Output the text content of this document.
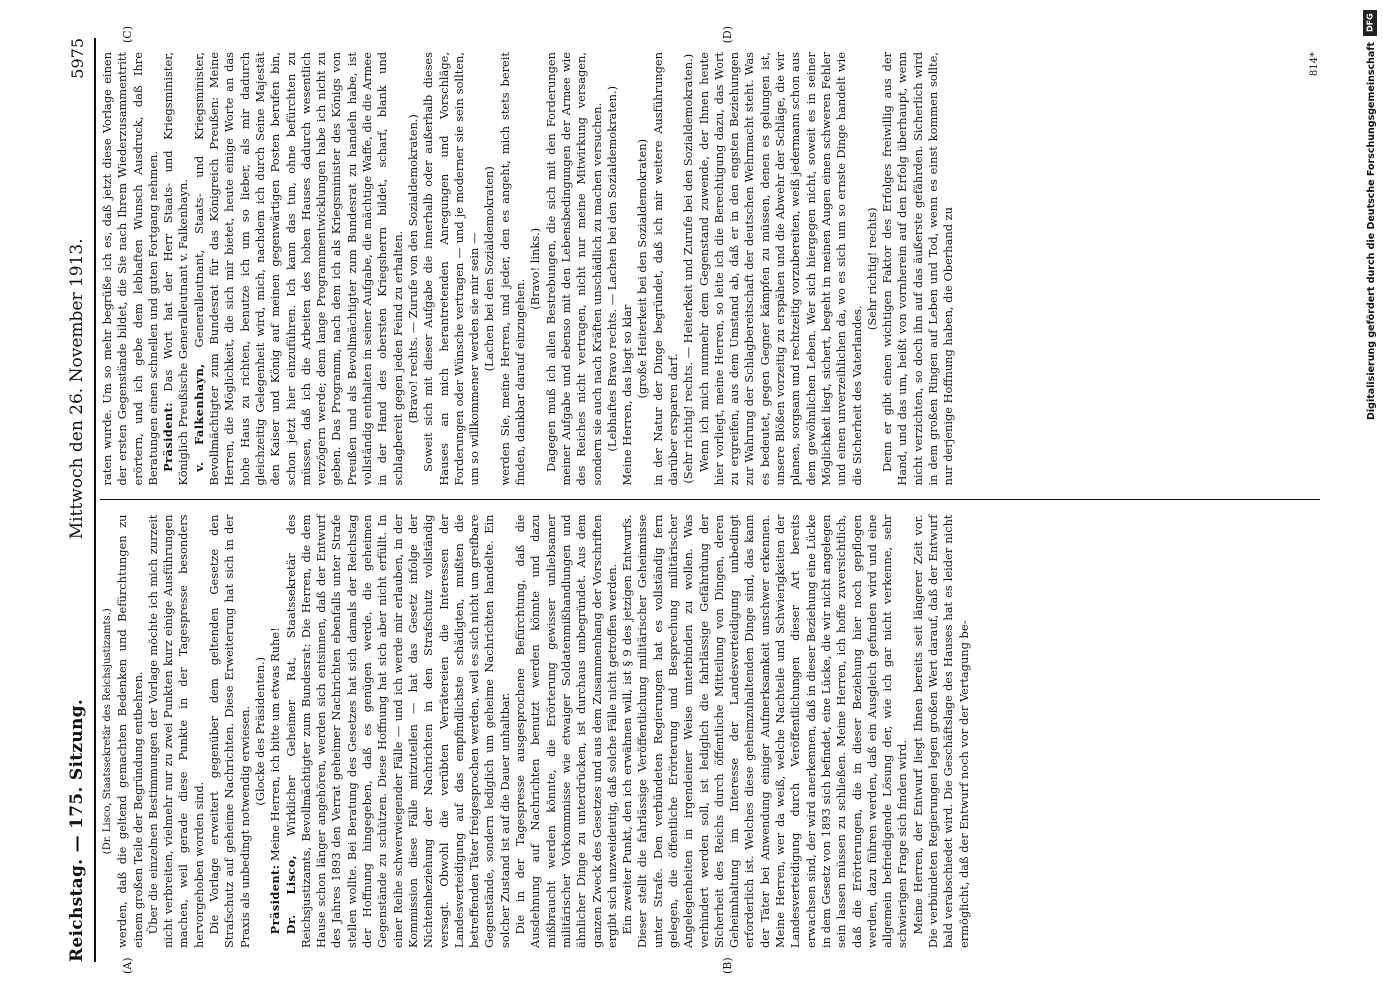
Reichstag. — 175. Sitzung.
Mittwoch den 26. November 1913.
5975
(A)	(B)

(Dr. Lisco, Staatssekretär des Reichsjustizamts.) werden, daß die geltend gemachten Bedenken und Befürchtungen zu einem großen Teile der Begründung entbehren. Über die einzelnen Bestimmungen der Vorlage möchte ich mich zurzeit nicht verbreiten, vielmehr nur zu zwei Punkten kurz einige Ausführungen machen, weil gerade diese Punkte in der Tagespresse besonders hervorgehoben worden sind. Die Vorlage erweitert gegenüber dem geltenden Gesetze den Strafschutz auf geheime Nachrichten. Diese Erweiterung hat sich in der Praxis als unbedingt notwendig erwiesen. (Glocke des Präsidenten.)

Präsident: Meine Herren, ich bitte um etwas Ruhe!

Dr. Lisco, Wirklicher Geheimer Rat, Staatssekretär des Reichsjustizamts, Bevollmächtigter zum Bundesrat: Die Herren, die dem Hause schon länger angehören, werden sich entsinnen, daß der Entwurf des Jahres 1893 den Verrat geheimer Nachrichten ebenfalls unter Strafe stellen wollte. Bei Beratung des Gesetzes hat sich damals der Reichstag der Hoffnung hingegeben, daß es genügen werde, die geheimen Gegenstände zu schützen. Diese Hoffnung hat sich aber nicht erfüllt. In einer Reihe schwerwiegender Fälle — und ich werde mir erlauben, in der Kommission diese Fälle mitzuteilen — hat das Gesetz infolge der Nichteinbeziehung der Nachrichten in den Strafschutz vollständig versagt. Obwohl die verübten Verrätereien die Interessen der Landesverteidigung auf das empfindlichste schädigten, mußten die betreffenden Täter freigesprochen werden, weil es sich nicht um greifbare Gegenstände, sondern lediglich um geheime Nachrichten handelte. Ein solcher Zustand ist auf die Dauer unhaltbar. Die in der Tagespresse ausgesprochene Befürchtung, daß die Ausdehnung auf Nachrichten benutzt werden könnte und dazu mißbraucht werden könnte, die Erörterung gewisser unliebsamer militärischer Vorkommnisse wie etwaiger Soldatenmißhandlungen und ähnlicher Dinge zu unterdrücken, ist durchaus unbegründet. Aus dem ganzen Zweck des Gesetzes und aus dem Zusammenhang der Vorschriften ergibt sich unzweideutig, daß solche Fälle nicht getroffen werden. Ein zweiter Punkt, den ich erwähnen will, ist § 9 des jetzigen Entwurfs. Dieser stellt die fahrlässige Veröffentlichung militärischer Geheimnisse unter Strafe. Den verbündeten Regierungen hat es vollständig fern gelegen, die öffentliche Erörterung und Besprechung militärischer Angelegenheiten in irgendeiner Weise unterbinden zu wollen. Was verhindert werden soll, ist lediglich die fahrlässige Gefährdung der Sicherheit des Reichs durch öffentliche Mitteilung von Dingen, deren Geheimhaltung im Interesse der Landesverteidigung unbedingt erforderlich ist. Welches diese geheimzuhaltenden Dinge sind, das kann der Täter bei Anwendung einiger Aufmerksamkeit unschwer erkennen. Meine Herren, wer da weiß, welche Nachteile und Schwierigkeiten der Landesverteidigung durch Veröffentlichungen dieser Art bereits erwachsen sind, der wird anerkennen, daß in dieser Beziehung eine Lücke in dem Gesetz von 1893 sich befindet, eine Lücke, die wir nicht angelegen sein lassen müssen zu schließen. Meine Herren, ich hoffe zuversichtlich, daß die Erörterungen, die in dieser Beziehung hier noch gepflogen werden, dazu führen werden, daß ein Ausgleich gefunden wird und eine allgemein befriedigende Lösung der, wie ich gar nicht verkenne, sehr schwierigen Frage sich finden wird. Meine Herren, der Entwurf liegt Ihnen bereits seit längerer Zeit vor. Die verbündeten Regierungen legen großen Wert darauf, daß der Entwurf bald verabschiedet wird. Die Geschäftslage des Hauses hat es leider nicht ermöglicht, daß der Entwurf noch vor der Vertagung be-

(C)	(D)

raten wurde. Um so mehr begrüße ich es, daß jetzt diese Vorlage einen der ersten Gegenstände bildet, die Sie nach Ihrem Wiederzusammentritt erörtern, und ich gebe dem lebhaften Wunsch Ausdruck, daß Ihre Beratungen einen schnellen und guten Fortgang nehmen. Präsident: Das Wort hat der Herr Staats- und Kriegsminister, Königlich Preußische Generalleutnant v. Falkenhayn. v. Falkenhayn, Generalleutnant, Staats- und Kriegsminister, Bevollmächtigter zum Bundesrat für das Königreich Preußen: Meine Herren, die Möglichkeit, die sich mir bietet, heute einige Worte an das hohe Haus zu richten, benutze ich um so lieber, als mir dadurch gleichzeitig Gelegenheit wird, mich, nachdem ich durch Seine Majestät den Kaiser und König auf meinen gegenwärtigen Posten berufen bin, schon jetzt hier einzuführen. Ich kann das tun, ohne befürchten zu müssen, daß ich die Arbeiten des hohen Hauses dadurch wesentlich verzögern werde; denn lange Programmentwicklungen habe ich nicht zu geben. Das Programm, nach dem ich als Kriegsminister des Königs von Preußen und als Bevollmächtigter zum Bundesrat zu handeln habe, ist vollständig enthalten in seiner Aufgabe, die mächtige Waffe, die die Armee in der Hand des obersten Kriegsherrn bildet, scharf, blank und schlagbereit gegen jeden Feind zu erhalten. (Bravo! rechts. — Zurufe von den Sozialdemokraten.) Soweit sich mit dieser Aufgabe die innerhalb oder außerhalb dieses Hauses an mich herantretenden Anregungen und Vorschläge, Forderungen oder Wünsche vertragen — und je moderner sie sein sollten, um so willkommener werden sie mir sein — (Lachen bei den Sozialdemokraten) werden Sie, meine Herren, und jeder, den es angeht, mich stets bereit finden, dankbar darauf einzugehen.

(Bravo! links.) Dagegen muß ich allen Bestrebungen, die sich mit den Forderungen meiner Aufgabe und ebenso mit den Lebensbedingungen der Armee wie des Reiches nicht vertragen, nicht nur meine Mitwirkung versagen, sondern sie auch nach Kräften unschädlich zu machen versuchen. (Lebhaftes Bravo rechts. — Lachen bei den Sozialdemokraten.) Meine Herren, das liegt so klar (große Heiterkeit bei den Sozialdemokraten) in der Natur der Dinge begründet, daß ich mir weitere Ausführungen darüber ersparen darf. (Sehr richtig! rechts. — Heiterkeit und Zurufe bei den Sozialdemokraten.) Wenn ich mich nunmehr dem Gegenstand zuwende, der Ihnen heute hier vorliegt, meine Herren, so leite ich die Berechtigung dazu, das Wort zu ergreifen, aus dem Umstand ab, daß er in den engsten Beziehungen zur Wahrung der Schlagbereitschaft der deutschen Wehrmacht steht. Was es bedeutet, gegen Gegner kämpfen zu müssen, denen es gelungen ist, unsere Blößen vorzeitig zu erspähen und die Abwehr der Schläge, die wir planen, sorgsam und rechtzeitig vorzubereiten, weiß jedermann schon aus dem gewöhnlichen Leben. Wer sich hiergegen nicht, soweit es in seiner Möglichkeit liegt, sichert, begeht in meinen Augen einen schweren Fehler und einen unverzeihlichen da, wo es sich um so ernste Dinge handelt wie die Sicherheit des Vaterlandes.

(Sehr richtig! rechts) Denn er gibt einen wichtigen Faktor des Erfolges freiwillig aus der Hand, und das um, heißt von vornherein auf den Erfolg überhaupt, wenn nicht verzichten, so doch ihn auf das äußerste gefährden. Sicherlich wird in dem großen Ringen auf Leben und Tod, wenn es einst kommen sollte, nur derjenige Hoffnung haben, die Oberhand zu

814*
DFG
Digitalisierung gefördert durch die Deutsche Forschungsgemeinschaft
